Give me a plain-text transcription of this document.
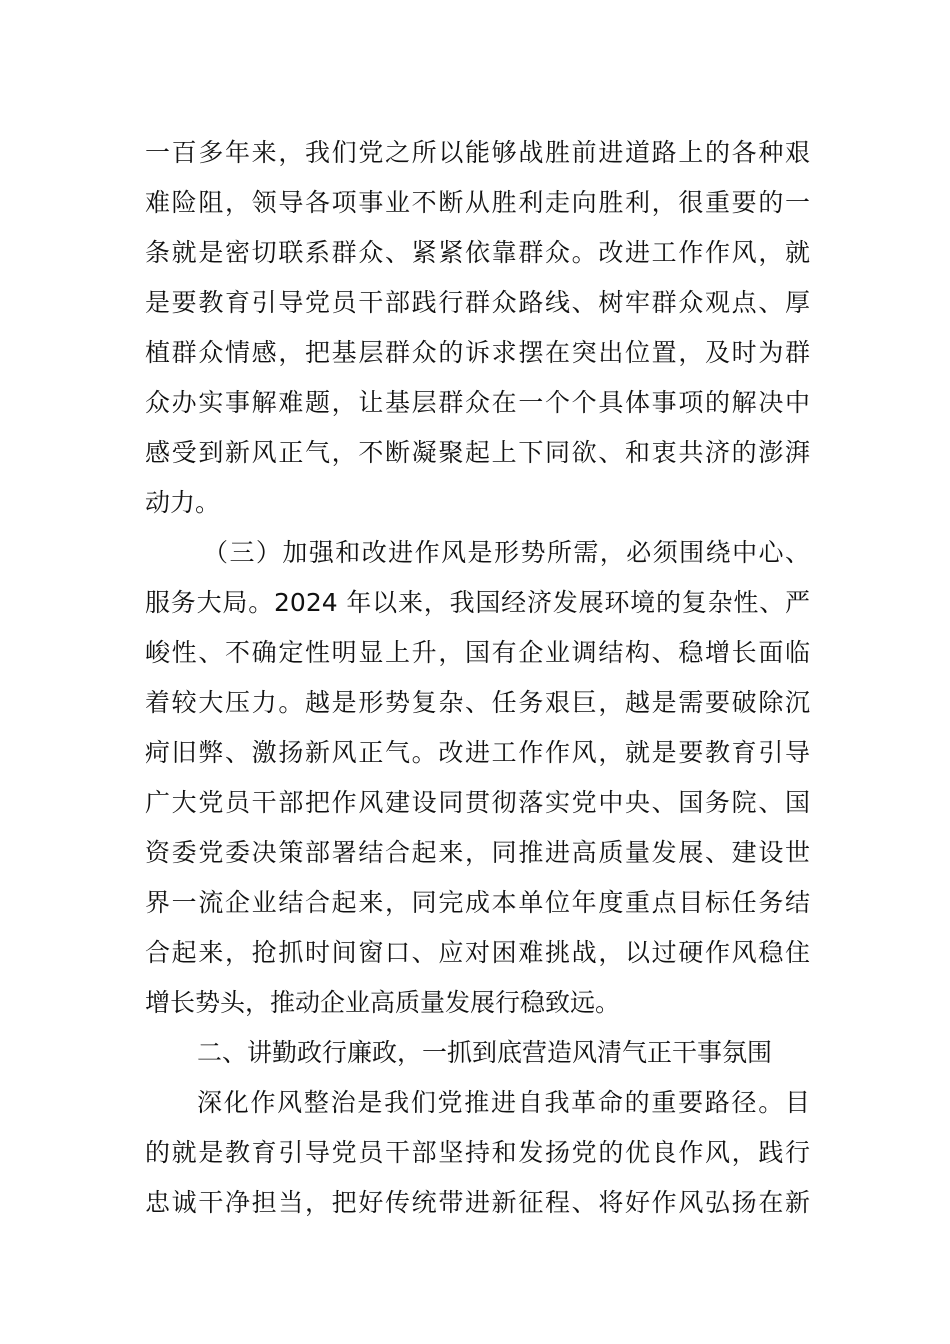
一百多年来，我们党之所以能够战胜前进道路上的各种艰
难险阻，领导各项事业不断从胜利走向胜利，很重要的一
条就是密切联系群众、紧紧依靠群众。改进工作作风，就
是要教育引导党员干部践行群众路线、树牢群众观点、厚
植群众情感，把基层群众的诉求摆在突出位置，及时为群
众办实事解难题，让基层群众在一个个具体事项的解决中
感受到新风正气，不断凝聚起上下同欲、和衷共济的澎湃
动力。
（三）加强和改进作风是形势所需，必须围绕中心、
服务大局。2024 年以来，我国经济发展环境的复杂性、严
峻性、不确定性明显上升，国有企业调结构、稳增长面临
着较大压力。越是形势复杂、任务艰巨，越是需要破除沉
疴旧弊、激扬新风正气。改进工作作风，就是要教育引导
广大党员干部把作风建设同贯彻落实党中央、国务院、国
资委党委决策部署结合起来，同推进高质量发展、建设世
界一流企业结合起来，同完成本单位年度重点目标任务结
合起来，抢抓时间窗口、应对困难挑战，以过硬作风稳住
增长势头，推动企业高质量发展行稳致远。
二、讲勤政行廉政，一抓到底营造风清气正干事氛围
深化作风整治是我们党推进自我革命的重要路径。目
的就是教育引导党员干部坚持和发扬党的优良作风，践行
忠诚干净担当，把好传统带进新征程、将好作风弘扬在新
